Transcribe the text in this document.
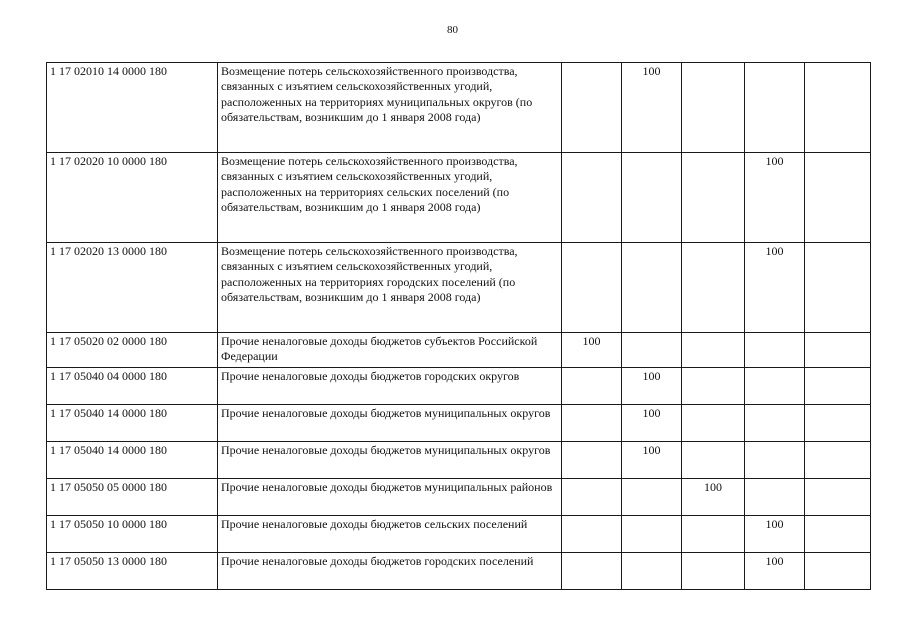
80
1 17 02010 14 0000 180	Возмещение потерь сельскохозяйственного производства, связанных с изъятием сельскохозяйственных угодий, расположенных на территориях муниципальных округов (по обязательствам, возникшим до 1 января 2008 года)		100			
1 17 02020 10 0000 180	Возмещение потерь сельскохозяйственного производства, связанных с изъятием сельскохозяйственных угодий, расположенных на территориях сельских поселений (по обязательствам, возникшим до 1 января 2008 года)				100	
1 17 02020 13 0000 180	Возмещение потерь сельскохозяйственного производства, связанных с изъятием сельскохозяйственных угодий, расположенных на территориях городских поселений (по обязательствам, возникшим до 1 января 2008 года)				100	
1 17 05020 02 0000 180	Прочие неналоговые доходы бюджетов субъектов Российской Федерации	100				
1 17 05040 04 0000 180	Прочие неналоговые доходы бюджетов городских округов		100			
1 17 05040 14 0000 180	Прочие неналоговые доходы бюджетов муниципальных округов		100			
1 17 05040 14 0000 180	Прочие неналоговые доходы бюджетов муниципальных округов		100			
1 17 05050 05 0000 180	Прочие неналоговые доходы бюджетов муниципальных районов			100		
1 17 05050 10 0000 180	Прочие неналоговые доходы бюджетов сельских поселений				100	
1 17 05050 13 0000 180	Прочие неналоговые доходы бюджетов городских поселений				100	
